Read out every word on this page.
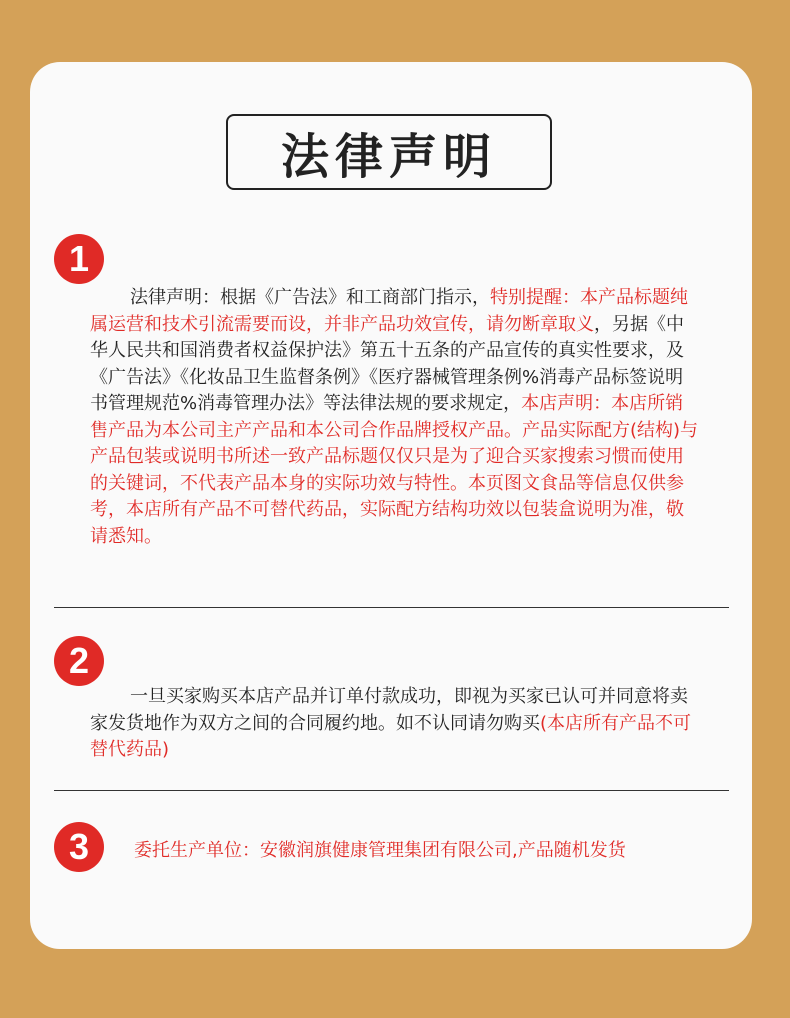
法律声明
1
法律声明：根据《广告法》和工商部门指示，特别提醒：本产品标题纯属运营和技术引流需要而设，并非产品功效宣传，请勿断章取义，另据《中华人民共和国消费者权益保护法》第五十五条的产品宣传的真实性要求，及《广告法》《化妆品卫生监督条例》《医疗器械管理条例%消毒产品标签说明书管理规范%消毒管理办法》等法律法规的要求规定，本店声明：本店所销售产品为本公司主产产品和本公司合作品牌授权产品。产品实际配方(结构)与产品包装或说明书所述一致产品标题仅仅只是为了迎合买家搜索习惯而使用的关键词，不代表产品本身的实际功效与特性。本页图文食品等信息仅供参考，本店所有产品不可替代药品，实际配方结构功效以包装盒说明为准，敬请悉知。
2
一旦买家购买本店产品并订单付款成功，即视为买家已认可并同意将卖家发货地作为双方之间的合同履约地。如不认同请勿购买(本店所有产品不可替代药品)
3	委托生产单位：安徽润旗健康管理集团有限公司,产品随机发货
